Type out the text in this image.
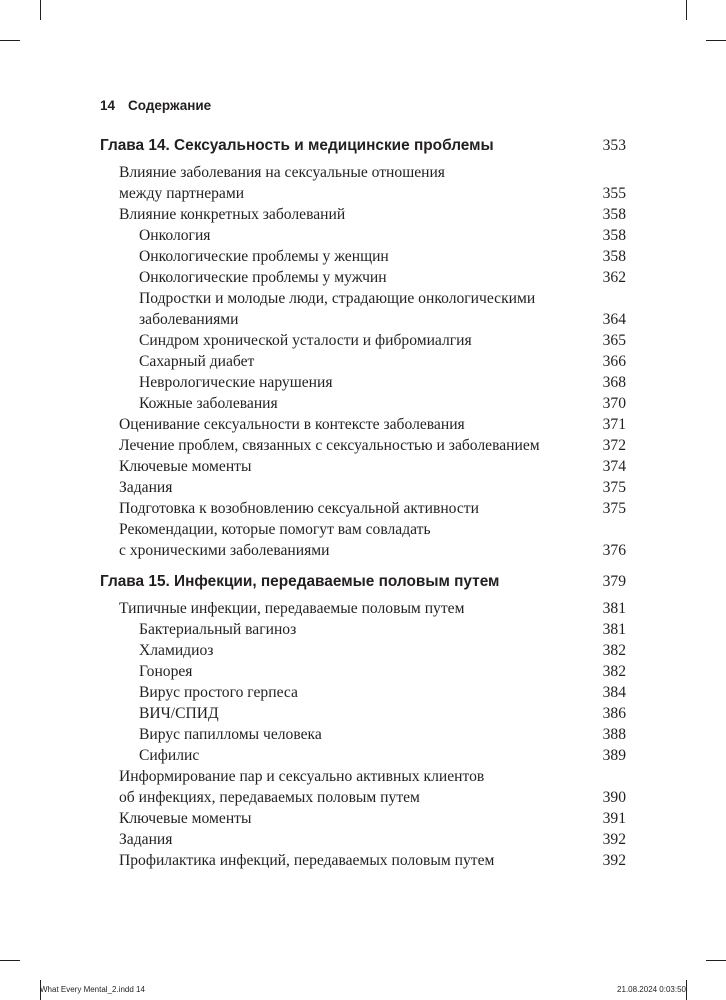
14 Содержание
Глава 14. Сексуальность и медицинские проблемы	353
Влияние заболевания на сексуальные отношения
между партнерами	355
Влияние конкретных заболеваний	358
Онкология	358
Онкологические проблемы у женщин	358
Онкологические проблемы у мужчин	362
Подростки и молодые люди, страдающие онкологическими
заболеваниями	364
Синдром хронической усталости и фибромиалгия	365
Сахарный диабет	366
Неврологические нарушения	368
Кожные заболевания	370
Оценивание сексуальности в контексте заболевания	371
Лечение проблем, связанных с сексуальностью и заболеванием	372
Ключевые моменты	374
Задания	375
Подготовка к возобновлению сексуальной активности	375
Рекомендации, которые помогут вам совладать
с хроническими заболеваниями	376
Глава 15. Инфекции, передаваемые половым путем	379
Типичные инфекции, передаваемые половым путем	381
Бактериальный вагиноз	381
Хламидиоз	382
Гонорея	382
Вирус простого герпеса	384
ВИЧ/СПИД	386
Вирус папилломы человека	388
Сифилис	389
Информирование пар и сексуально активных клиентов
об инфекциях, передаваемых половым путем	390
Ключевые моменты	391
Задания	392
Профилактика инфекций, передаваемых половым путем	392
What Every Mental_2.indd 14	21.08.2024 0:03:50
